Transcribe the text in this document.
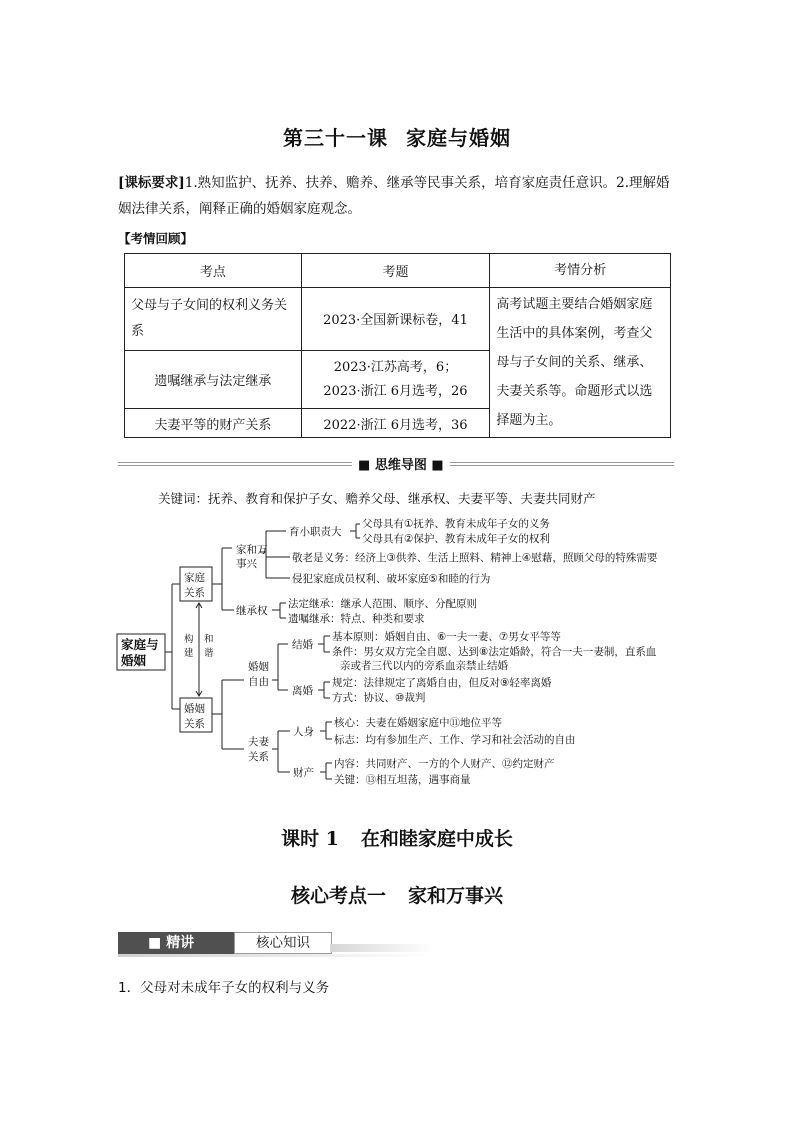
第三十一课 家庭与婚姻
[课标要求]1.熟知监护、抚养、扶养、赡养、继承等民事关系，培育家庭责任意识。2.理解婚姻法律关系，阐释正确的婚姻家庭观念。
【考情回顾】
考点	考题	考情分析
父母与子女间的权利义务关系	2023·全国新课标卷，41	高考试题主要结合婚姻家庭生活中的具体案例，考查父母与子女间的关系、继承、夫妻关系等。命题形式以选择题为主。
遗嘱继承与法定继承	2023·江苏高考，6；
2023·浙江 6月选考，26	

夫妻平等的财产关系	2022·浙江 6月选考，36	
■ 思维导图 ■
关键词：抚养、教育和保护子女、赡养父母、继承权、夫妻平等、夫妻共同财产
家庭与
婚姻
家庭
关系
婚姻
关系
构
建
和
谐
家和万
事兴
育小职责大
父母具有①抚养、教育未成年子女的义务
父母具有②保护、教育未成年子女的权利
敬老是义务：经济上③供养、生活上照料、精神上④慰藉，照顾父母的特殊需要
侵犯家庭成员权利、破坏家庭⑤和睦的行为
继承权
法定继承：继承人范围、顺序、分配原则
遗嘱继承：特点、种类和要求
婚姻
自由
结婚
基本原则：婚姻自由、⑥一夫一妻、⑦男女平等等
条件：男女双方完全自愿、达到⑧法定婚龄，符合一夫一妻制，直系血
亲或者三代以内的旁系血亲禁止结婚
离婚
规定：法律规定了离婚自由，但反对⑨轻率离婚
方式：协议、⑩裁判
夫妻
关系
人身
核心：夫妻在婚姻家庭中⑪地位平等
标志：均有参加生产、工作、学习和社会活动的自由
财产
内容：共同财产、一方的个人财产、⑫约定财产
关键：⑬相互坦荡，遇事商量
课时 1 在和睦家庭中成长
核心考点一 家和万事兴
■ 精讲	核心知识
1．父母对未成年子女的权利与义务
